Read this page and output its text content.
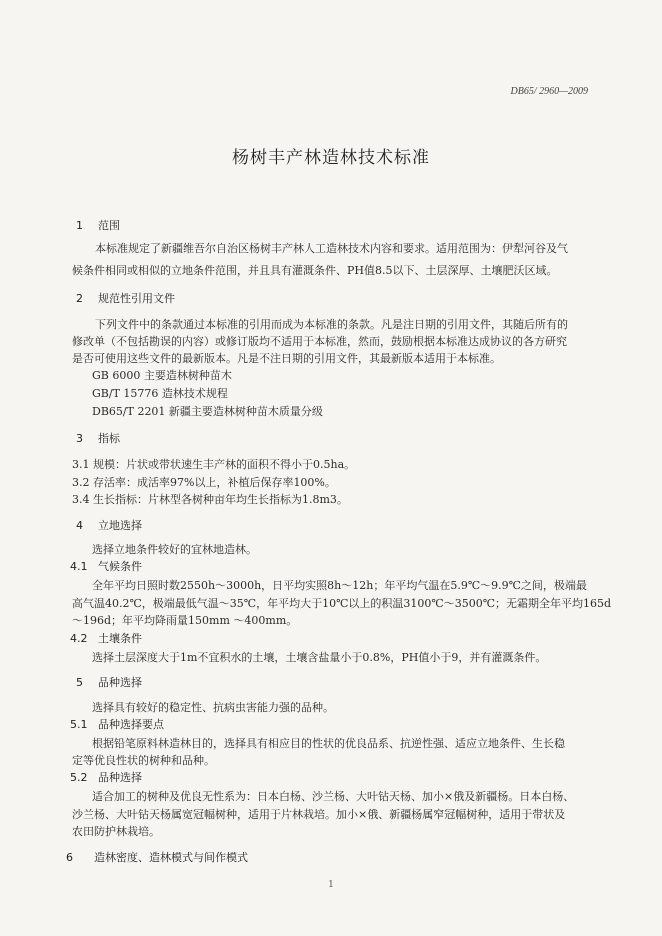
DB65/ 2960—2009
杨树丰产林造林技术标准
1 范围
本标准规定了新疆维吾尔自治区杨树丰产林人工造林技术内容和要求。适用范围为：伊犁河谷及气
候条件相同或相似的立地条件范围，并且具有灌溉条件、PH值8.5以下、土层深厚、土壤肥沃区域。
2 规范性引用文件
下列文件中的条款通过本标准的引用而成为本标准的条款。凡是注日期的引用文件，其随后所有的
修改单（不包括勘误的内容）或修订版均不适用于本标准，然而，鼓励根据本标准达成协议的各方研究
是否可使用这些文件的最新版本。凡是不注日期的引用文件，其最新版本适用于本标准。
GB 6000 主要造林树种苗木
GB/T 15776 造林技术规程
DB65/T 2201 新疆主要造林树种苗木质量分级
3 指标
3.1 规模：片状或带状速生丰产林的面积不得小于0.5ha。
3.2 存活率：成活率97%以上，补植后保存率100%。
3.4 生长指标：片林型各树种亩年均生长指标为1.8m3。
4 立地选择
选择立地条件较好的宜林地造林。
4.1 气候条件
全年平均日照时数2550h～3000h，日平均实照8h～12h；年平均气温在5.9℃～9.9℃之间，极端最
高气温40.2℃，极端最低气温～35℃，年平均大于10℃以上的积温3100℃～3500℃；无霜期全年平均165d
～196d；年平均降雨量150mm ～400mm。
4.2 土壤条件
选择土层深度大于1m不宜积水的土壤，土壤含盐量小于0.8%，PH值小于9，并有灌溉条件。
5 品种选择
选择具有较好的稳定性、抗病虫害能力强的品种。
5.1 品种选择要点
根据铅笔原料林造林目的，选择具有相应目的性状的优良品系、抗逆性强、适应立地条件、生长稳
定等优良性状的树种和品种。
5.2 品种选择
适合加工的树种及优良无性系为：日本白杨、沙兰杨、大叶钻天杨、加小×俄及新疆杨。日本白杨、
沙兰杨、大叶钻天杨属宽冠幅树种，适用于片林栽培。加小×俄、新疆杨属窄冠幅树种，适用于带状及
农田防护林栽培。
6 造林密度、造林模式与间作模式
1
